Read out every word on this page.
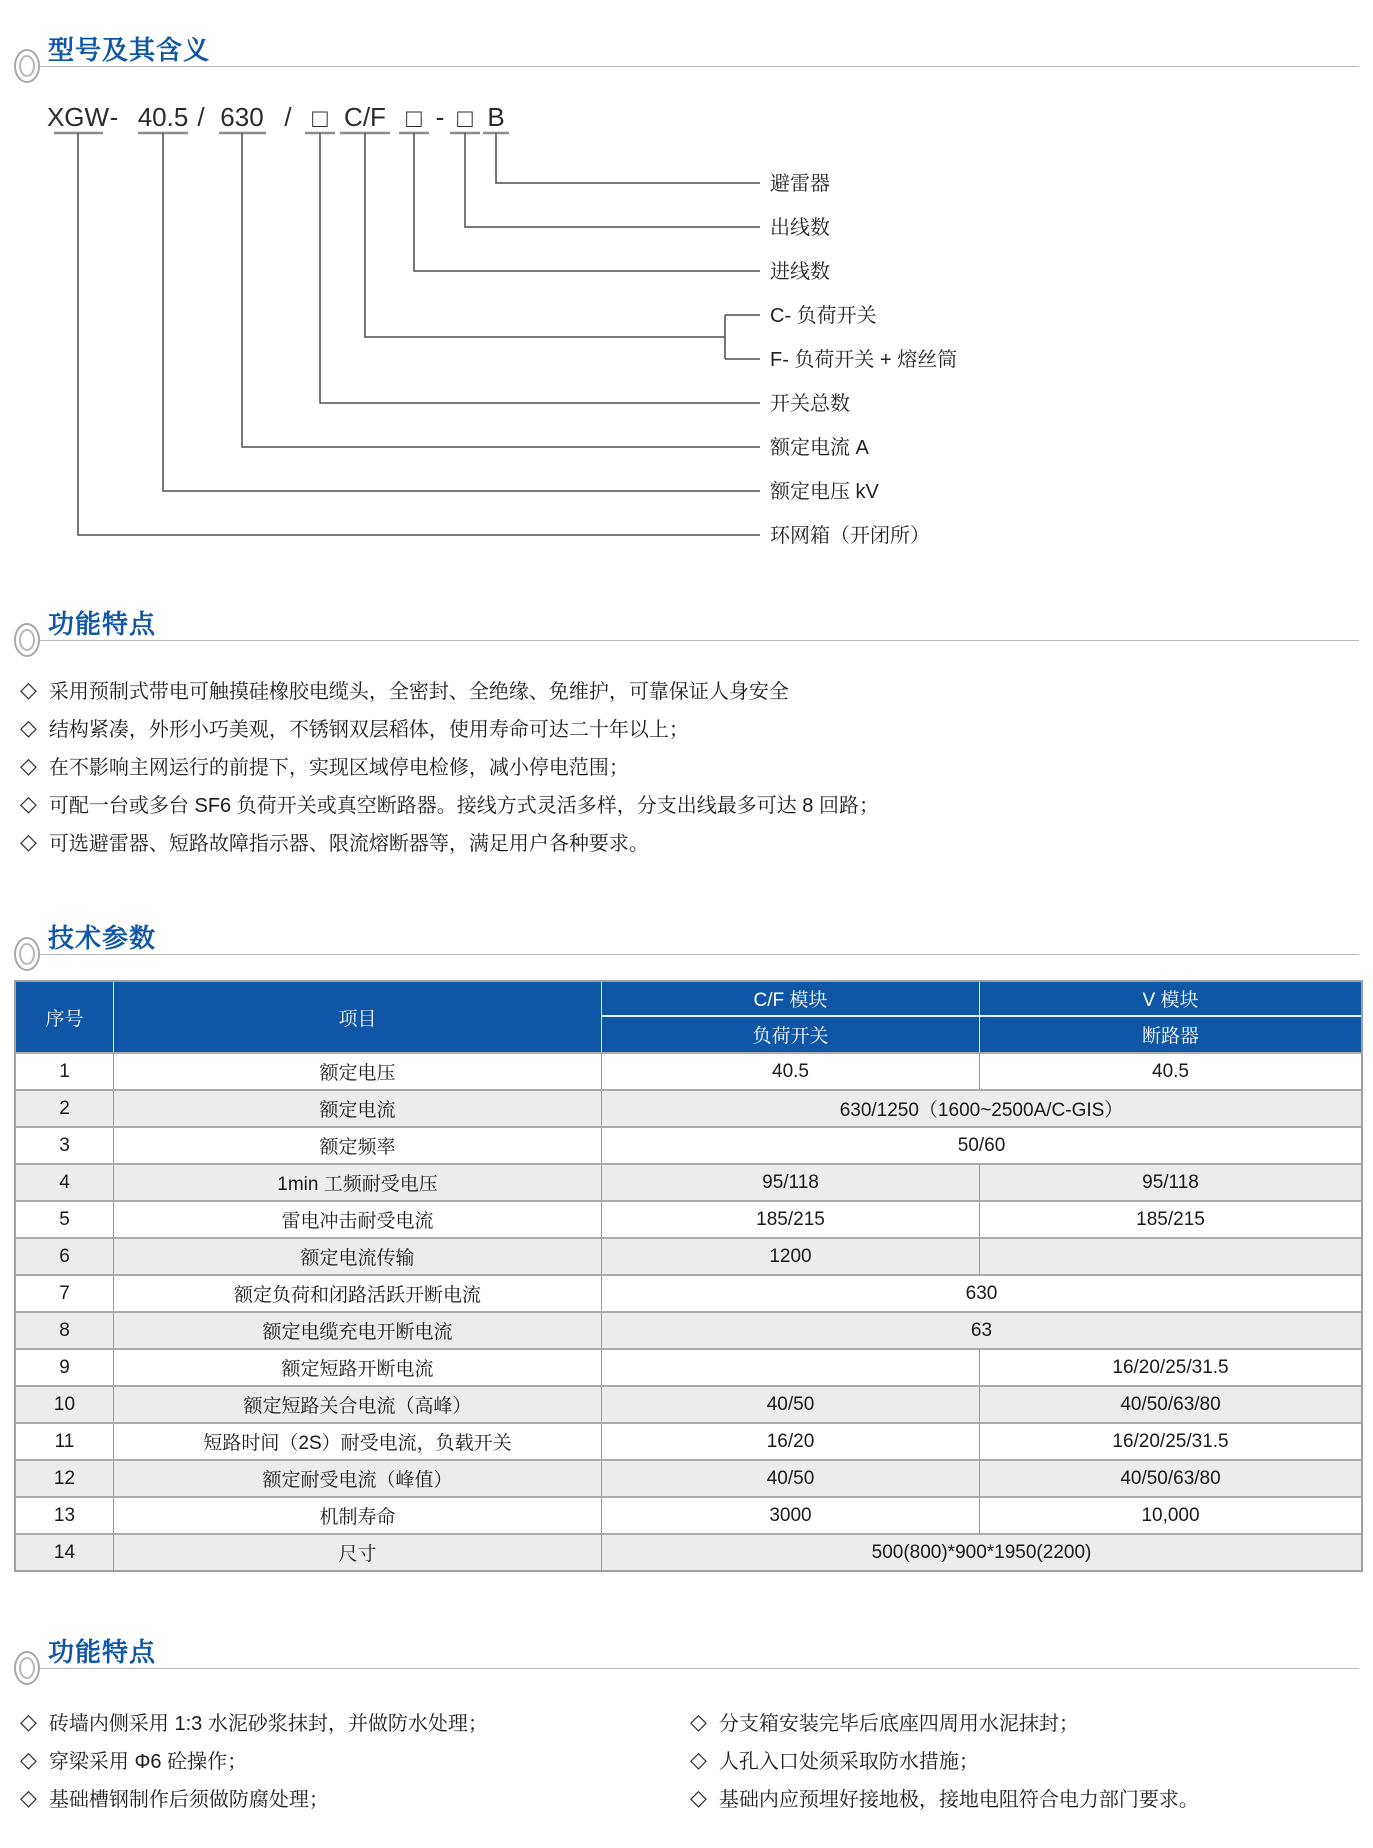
型号及其含义
XGW - 40.5 / 630 / □ C/F □ - □ B
避雷器
出线数
进线数
C- 负荷开关
F- 负荷开关 + 熔丝筒
开关总数
额定电流 A
额定电压 kV
环网箱（开闭所）
功能特点
◇ 采用预制式带电可触摸硅橡胶电缆头，全密封、全绝缘、免维护，可靠保证人身安全
◇ 结构紧凑，外形小巧美观，不锈钢双层稻体，使用寿命可达二十年以上；
◇ 在不影响主网运行的前提下，实现区域停电检修，减小停电范围；
◇ 可配一台或多台 SF6 负荷开关或真空断路器。接线方式灵活多样，分支出线最多可达 8 回路；
◇ 可选避雷器、短路故障指示器、限流熔断器等，满足用户各种要求。
技术参数
序号	项目	C/F 模块	V 模块
		负荷开关	断路器
1	额定电压	40.5	40.5
2	额定电流	630/1250（1600~2500A/C-GIS）	
3	额定频率	50/60	
4	1min 工频耐受电压	95/118	95/118
5	雷电冲击耐受电流	185/215	185/215
6	额定电流传输	1200	
7	额定负荷和闭路活跃开断电流	630	
8	额定电缆充电开断电流	63	
9	额定短路开断电流		16/20/25/31.5
10	额定短路关合电流（高峰）	40/50	40/50/63/80
11	短路时间（2S）耐受电流，负载开关	16/20	16/20/25/31.5
12	额定耐受电流（峰值）	40/50	40/50/63/80
13	机制寿命	3000	10,000
14	尺寸	500(800)*900*1950(2200)	
功能特点
◇ 砖墙内侧采用 1:3 水泥砂浆抹封，并做防水处理；
◇ 穿梁采用 Φ6 砼操作；
◇ 基础槽钢制作后须做防腐处理；
◇ 分支箱安装完毕后底座四周用水泥抹封；
◇ 人孔入口处须采取防水措施；
◇ 基础内应预埋好接地极，接地电阻符合电力部门要求。
